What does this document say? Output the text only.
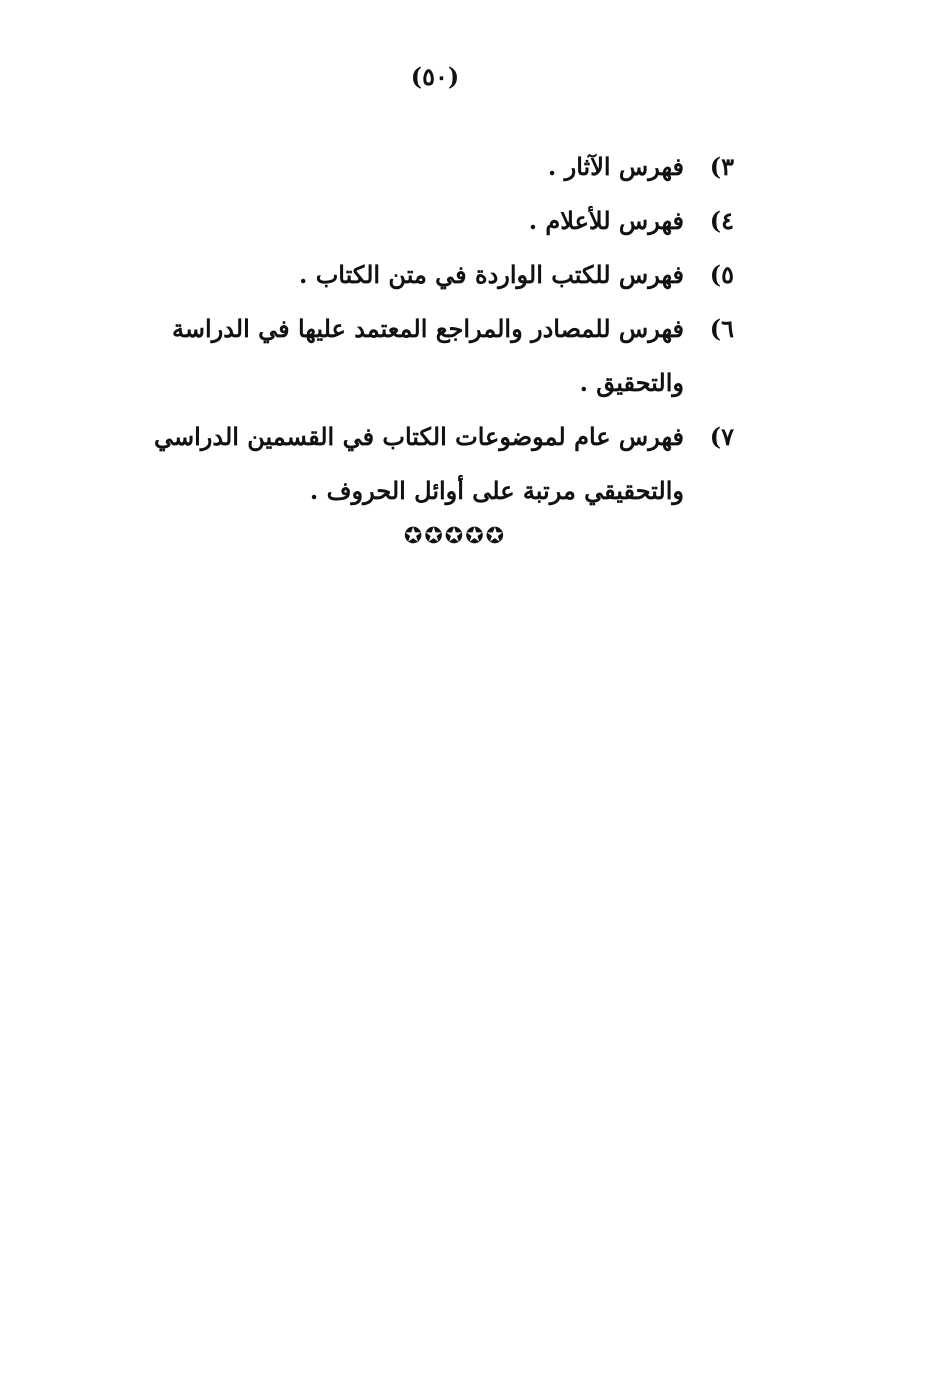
(٥٠)
٣)
فهرس الآثار .
٤)
فهرس للأعلام .
٥)
فهرس للكتب الواردة في متن الكتاب .
٦)
فهرس للمصادر والمراجع المعتمد عليها في الدراسة والتحقيق .
٧)
فهرس عام لموضوعات الكتاب في القسمين الدراسي والتحقيقي مرتبة على أوائل الحروف .
✪✪✪✪✪
